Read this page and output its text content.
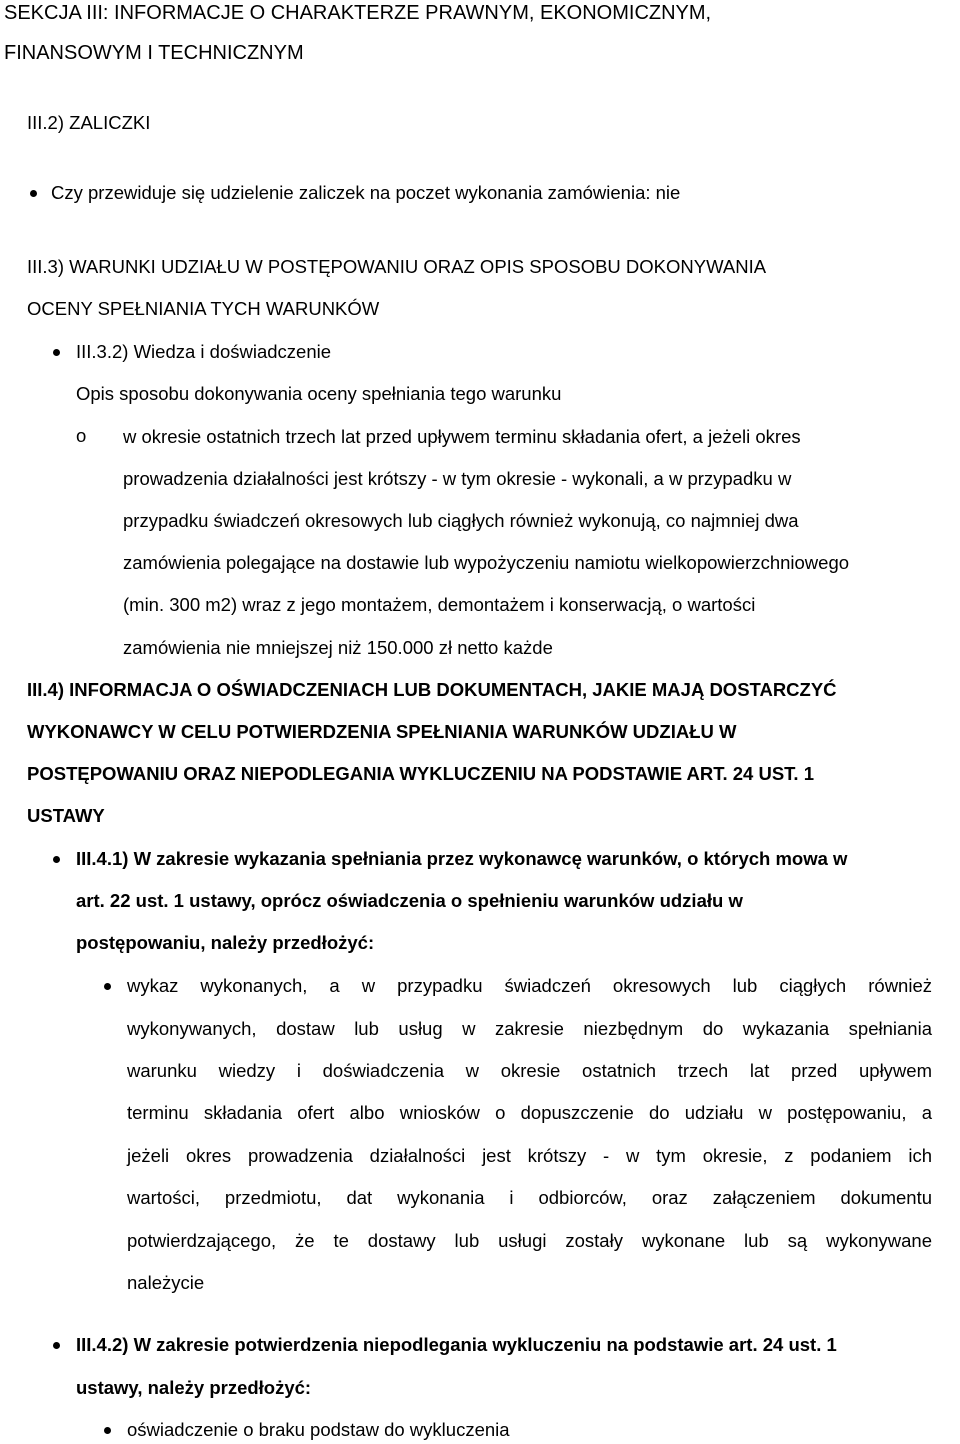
SEKCJA III: INFORMACJE O CHARAKTERZE PRAWNYM, EKONOMICZNYM,
FINANSOWYM I TECHNICZNYM
III.2) ZALICZKI
Czy przewiduje się udzielenie zaliczek na poczet wykonania zamówienia: nie
III.3) WARUNKI UDZIAŁU W POSTĘPOWANIU ORAZ OPIS SPOSOBU DOKONYWANIA
OCENY SPEŁNIANIA TYCH WARUNKÓW
III.3.2) Wiedza i doświadczenie
Opis sposobu dokonywania oceny spełniania tego warunku
o w okresie ostatnich trzech lat przed upływem terminu składania ofert, a jeżeli okres
prowadzenia działalności jest krótszy - w tym okresie - wykonali, a w przypadku w
przypadku świadczeń okresowych lub ciągłych również wykonują, co najmniej dwa
zamówienia polegające na dostawie lub wypożyczeniu namiotu wielkopowierzchniowego
(min. 300 m2) wraz z jego montażem, demontażem i konserwacją, o wartości
zamówienia nie mniejszej niż 150.000 zł netto każde
III.4) INFORMACJA O OŚWIADCZENIACH LUB DOKUMENTACH, JAKIE MAJĄ DOSTARCZYĆ
WYKONAWCY W CELU POTWIERDZENIA SPEŁNIANIA WARUNKÓW UDZIAŁU W
POSTĘPOWANIU ORAZ NIEPODLEGANIA WYKLUCZENIU NA PODSTAWIE ART. 24 UST. 1
USTAWY
III.4.1) W zakresie wykazania spełniania przez wykonawcę warunków, o których mowa w
art. 22 ust. 1 ustawy, oprócz oświadczenia o spełnieniu warunków udziału w
postępowaniu, należy przedłożyć:
wykaz wykonanych, a w przypadku świadczeń okresowych lub ciągłych również
wykonywanych, dostaw lub usług w zakresie niezbędnym do wykazania spełniania
warunku wiedzy i doświadczenia w okresie ostatnich trzech lat przed upływem
terminu składania ofert albo wniosków o dopuszczenie do udziału w postępowaniu, a
jeżeli okres prowadzenia działalności jest krótszy - w tym okresie, z podaniem ich
wartości, przedmiotu, dat wykonania i odbiorców, oraz załączeniem dokumentu
potwierdzającego, że te dostawy lub usługi zostały wykonane lub są wykonywane
należycie
III.4.2) W zakresie potwierdzenia niepodlegania wykluczeniu na podstawie art. 24 ust. 1
ustawy, należy przedłożyć:
oświadczenie o braku podstaw do wykluczenia
